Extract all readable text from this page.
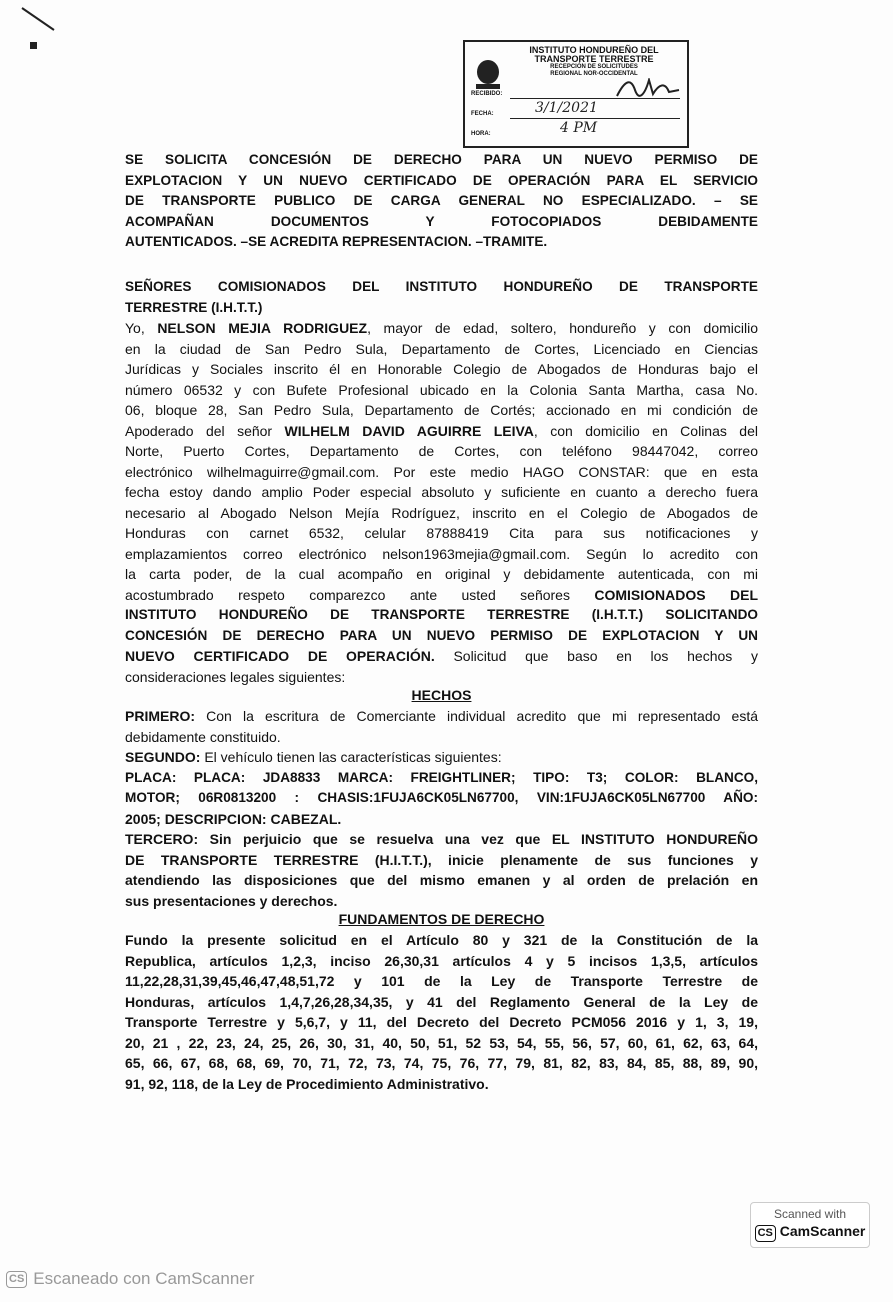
INSTITUTO HONDUREÑO DEL
TRANSPORTE TERRESTRE
RECEPCIÓN DE SOLICITUDES
REGIONAL NOR-OCCIDENTAL
RECIBIDO:
3/1/2021
FECHA:
4 PM
HORA:
SE SOLICITA CONCESIÓN DE DERECHO PARA UN NUEVO PERMISO DE
EXPLOTACION Y UN NUEVO CERTIFICADO DE OPERACIÓN PARA EL SERVICIO
DE TRANSPORTE PUBLICO DE CARGA GENERAL NO ESPECIALIZADO. – SE
ACOMPAÑAN DOCUMENTOS Y FOTOCOPIADOS DEBIDAMENTE
AUTENTICADOS. –SE ACREDITA REPRESENTACION. –TRAMITE.
SEÑORES COMISIONADOS DEL INSTITUTO HONDUREÑO DE TRANSPORTE
TERRESTRE (I.H.T.T.)
Yo, NELSON MEJIA RODRIGUEZ, mayor de edad, soltero, hondureño y con domicilio
en la ciudad de San Pedro Sula, Departamento de Cortes, Licenciado en Ciencias
Jurídicas y Sociales inscrito él en Honorable Colegio de Abogados de Honduras bajo el
número 06532 y con Bufete Profesional ubicado en la Colonia Santa Martha, casa No.
06, bloque 28, San Pedro Sula, Departamento de Cortés; accionado en mi condición de
Apoderado del señor WILHELM DAVID AGUIRRE LEIVA, con domicilio en Colinas del
Norte, Puerto Cortes, Departamento de Cortes, con teléfono 98447042, correo
electrónico wilhelmaguirre@gmail.com. Por este medio HAGO CONSTAR: que en esta
fecha estoy dando amplio Poder especial absoluto y suficiente en cuanto a derecho fuera
necesario al Abogado Nelson Mejía Rodríguez, inscrito en el Colegio de Abogados de
Honduras con carnet 6532, celular 87888419 Cita para sus notificaciones y
emplazamientos correo electrónico nelson1963mejia@gmail.com. Según lo acredito con
la carta poder, de la cual acompaño en original y debidamente autenticada, con mi
acostumbrado respeto comparezco ante usted señores COMISIONADOS DEL
INSTITUTO HONDUREÑO DE TRANSPORTE TERRESTRE (I.H.T.T.) SOLICITANDO
CONCESIÓN DE DERECHO PARA UN NUEVO PERMISO DE EXPLOTACION Y UN
NUEVO CERTIFICADO DE OPERACIÓN. Solicitud que baso en los hechos y
consideraciones legales siguientes:
HECHOS
PRIMERO: Con la escritura de Comerciante individual acredito que mi representado está
debidamente constituido.
SEGUNDO: El vehículo tienen las características siguientes:
PLACA: PLACA: JDA8833 MARCA: FREIGHTLINER; TIPO: T3; COLOR: BLANCO,
MOTOR; 06R0813200 : CHASIS:1FUJA6CK05LN67700, VIN:1FUJA6CK05LN67700 AÑO:
2005; DESCRIPCION: CABEZAL.
TERCERO: Sin perjuicio que se resuelva una vez que EL INSTITUTO HONDUREÑO
DE TRANSPORTE TERRESTRE (H.I.T.T.), inicie plenamente de sus funciones y
atendiendo las disposiciones que del mismo emanen y al orden de prelación en
sus presentaciones y derechos.
FUNDAMENTOS DE DERECHO
Fundo la presente solicitud en el Artículo 80 y 321 de la Constitución de la
Republica, artículos 1,2,3, inciso 26,30,31 artículos 4 y 5 incisos 1,3,5, artículos
11,22,28,31,39,45,46,47,48,51,72 y 101 de la Ley de Transporte Terrestre de
Honduras, artículos 1,4,7,26,28,34,35, y 41 del Reglamento General de la Ley de
Transporte Terrestre y 5,6,7, y 11, del Decreto del Decreto PCM056 2016 y 1, 3, 19,
20, 21 , 22, 23, 24, 25, 26, 30, 31, 40, 50, 51, 52 53, 54, 55, 56, 57, 60, 61, 62, 63, 64,
65, 66, 67, 68, 68, 69, 70, 71, 72, 73, 74, 75, 76, 77, 79, 81, 82, 83, 84, 85, 88, 89, 90,
91, 92, 118, de la Ley de Procedimiento Administrativo.
Scanned with
CS CamScanner
CS Escaneado con CamScanner
